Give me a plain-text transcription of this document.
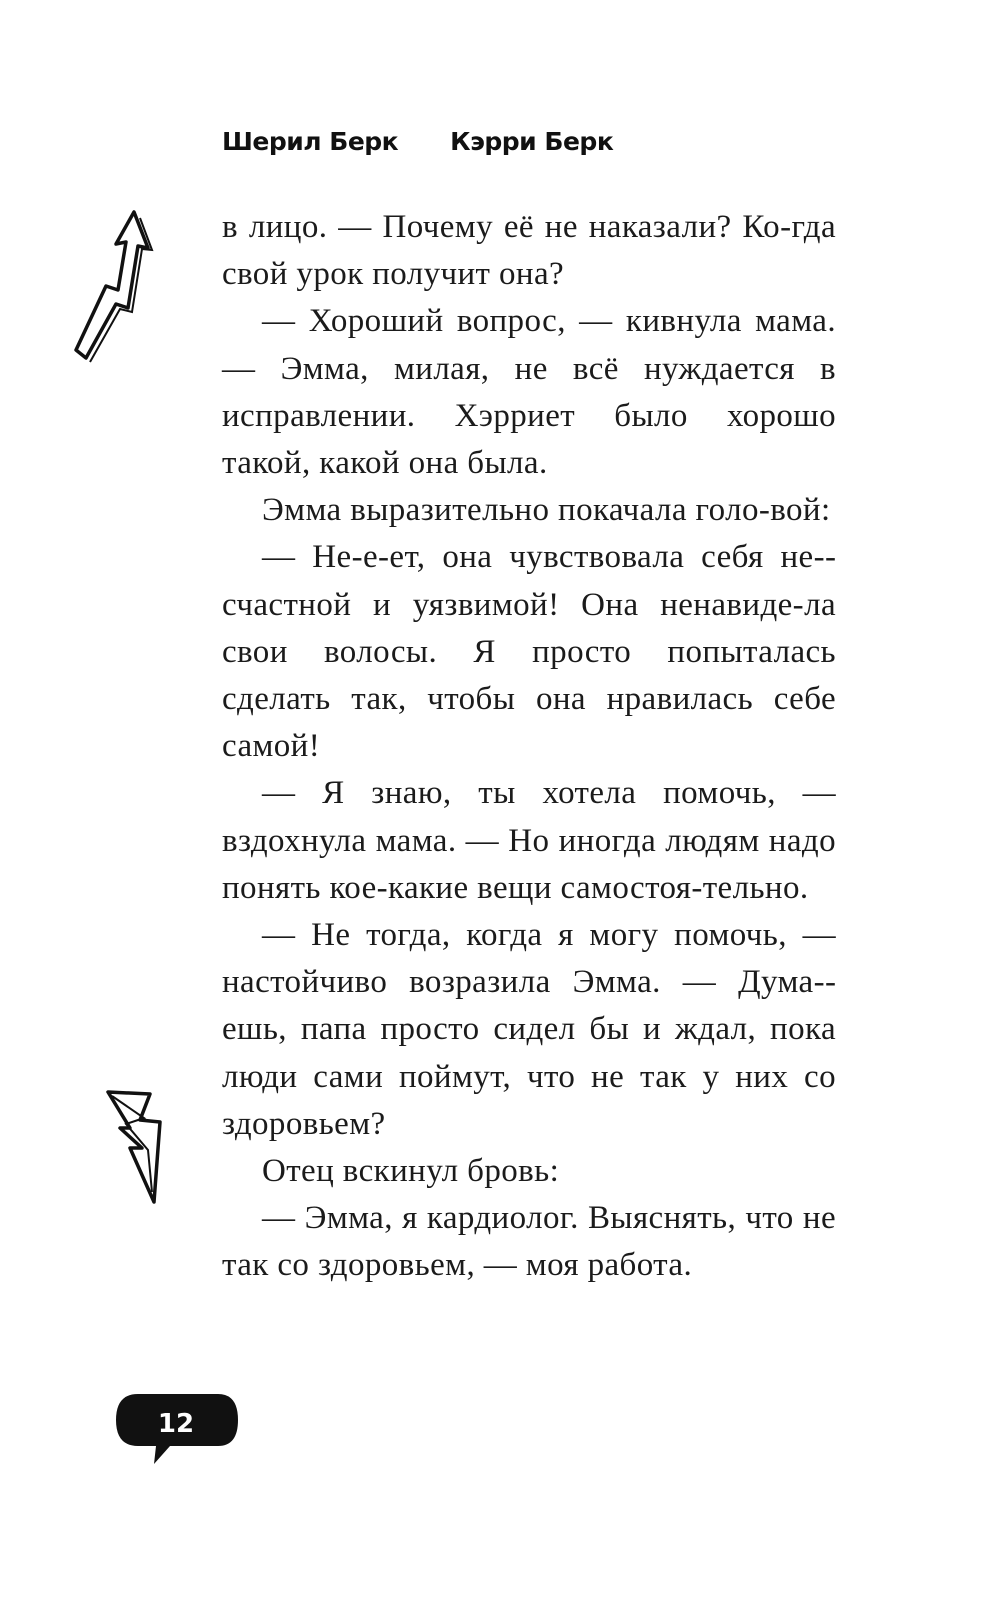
Шерил Берк Кэрри Берк

в лицо. — Почему её не наказали? Ко-гда свой урок получит она?

— Хороший вопрос, — кивнула мама. — Эмма, милая, не всё нуждается в исправлении. Хэрриет было хорошо такой, какой она была.

Эмма выразительно покачала голо-вой:

— Не-е-ет, она чувствовала себя не-счастной и уязвимой! Она ненавиде-ла свои волосы. Я просто попыталась сделать так, чтобы она нравилась себе самой!

— Я знаю, ты хотела помочь, — вздохнула мама. — Но иногда людям надо понять кое-какие вещи самостоя-тельно.

— Не тогда, когда я могу помочь, — настойчиво возразила Эмма. — Дума-ешь, папа просто сидел бы и ждал, пока люди сами поймут, что не так у них со здоровьем?

Отец вскинул бровь:

— Эмма, я кардиолог. Выяснять, что не так со здоровьем, — моя работа.

12
